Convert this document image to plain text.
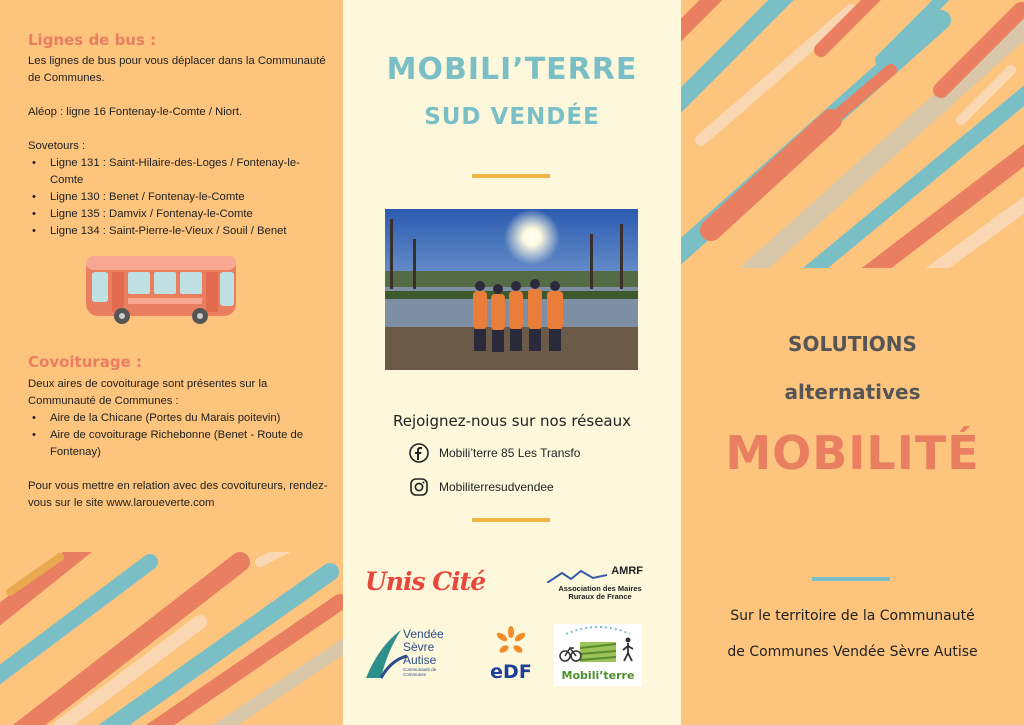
Lignes de bus :

Les lignes de bus pour vous déplacer dans la Communauté de Communes.

Aléop : ligne 16 Fontenay-le-Comte / Niort.

Sovetours :

• Ligne 131 : Saint-Hilaire-des-Loges / Fontenay-le-Comte
• Ligne 130 : Benet / Fontenay-le-Comte
• Ligne 135 : Damvix / Fontenay-le-Comte
• Ligne 134 : Saint-Pierre-le-Vieux / Souil / Benet
Covoiturage :

Deux aires de covoiturage sont présentes sur la Communauté de Communes :

• Aire de la Chicane (Portes du Marais poitevin)
• Aire de covoiturage Richebonne (Benet - Route de Fontenay)

Pour vous mettre en relation avec des covoitureurs, rendez-vous sur le site www.laroueverte.com

MOBILI’TERRE
SUD VENDÉE
Rejoignez-nous sur nos réseaux
Mobili’terre 85 Les Transfo
Mobiliterresudvendee
Unis Cité	AMRF
Association des Maires
Ruraux de France
Vendée
Sèvre
Autise
Communauté de Communes	eDF	Mobili’terre
SOLUTIONS
alternatives
MOBILITÉ
Sur le territoire de la Communauté
de Communes Vendée Sèvre Autise
